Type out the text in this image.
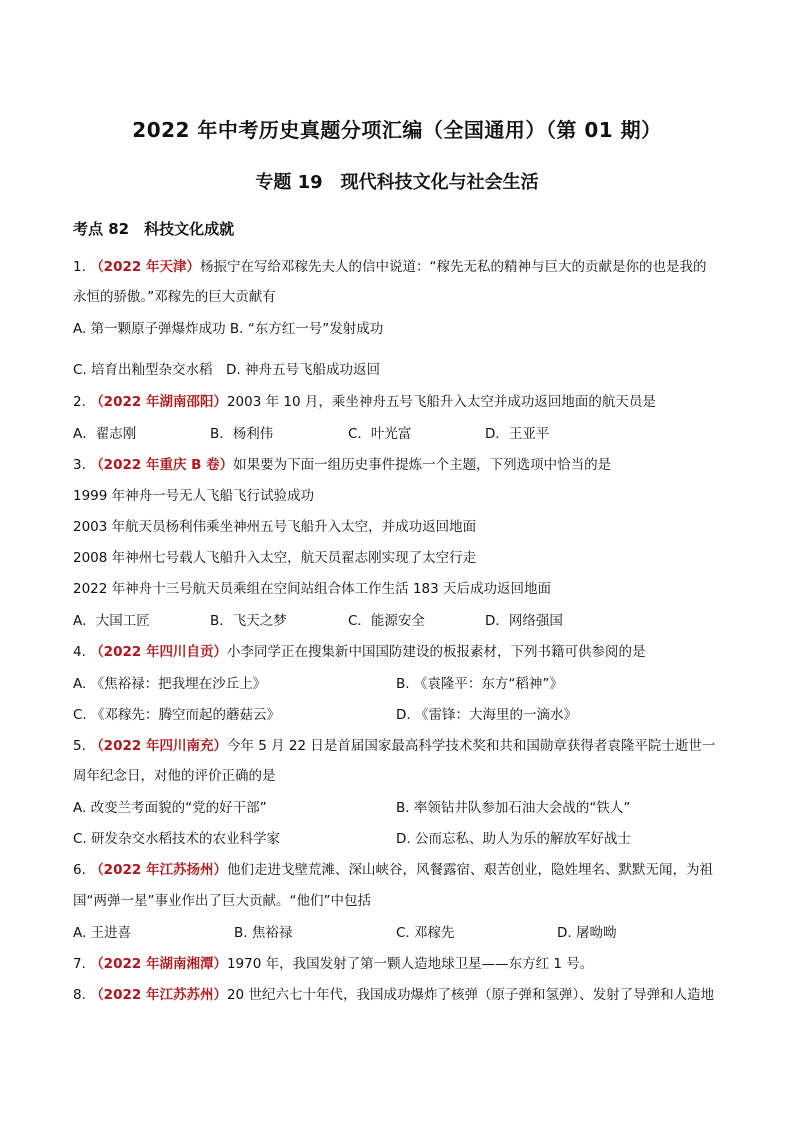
2022 年中考历史真题分项汇编（全国通用）（第 01 期）
专题 19　现代科技文化与社会生活
考点 82　科技文化成就
1. （2022 年天津）杨振宁在写给邓稼先夫人的信中说道：“稼先无私的精神与巨大的贡献是你的也是我的
永恒的骄傲。”邓稼先的巨大贡献有
A. 第一颗原子弹爆炸成功 B. “东方红一号”发射成功
C. 培育出籼型杂交水稻　D. 神舟五号飞船成功返回
2. （2022 年湖南邵阳）2003 年 10 月，乘坐神舟五号飞船升入太空并成功返回地面的航天员是
A．翟志刚	B．杨利伟	C．叶光富	D．王亚平
3. （2022 年重庆 B 卷）如果要为下面一组历史事件提炼一个主题，下列选项中恰当的是
1999 年神舟一号无人飞船飞行试验成功
2003 年航天员杨利伟乘坐神州五号飞船升入太空，并成功返回地面
2008 年神州七号载人飞船升入太空，航天员翟志刚实现了太空行走
2022 年神舟十三号航天员乘组在空间站组合体工作生活 183 天后成功返回地面
A．大国工匠	B．飞天之梦	C．能源安全	D．网络强国
4. （2022 年四川自贡）小李同学正在搜集新中国国防建设的板报素材，下列书籍可供参阅的是
A. 《焦裕禄：把我埋在沙丘上》	B. 《袁隆平：东方“稻神”》
C. 《邓稼先：腾空而起的蘑菇云》	D. 《雷锋：大海里的一滴水》
5. （2022 年四川南充）今年 5 月 22 日是首届国家最高科学技术奖和共和国勋章获得者袁隆平院士逝世一
周年纪念日，对他的评价正确的是
A. 改变兰考面貌的“党的好干部”	B. 率领钻井队参加石油大会战的“铁人”
C. 研发杂交水稻技术的农业科学家	D. 公而忘私、助人为乐的解放军好战士
6. （2022 年江苏扬州）他们走进戈壁荒滩、深山峡谷，风餐露宿、艰苦创业，隐姓埋名、默默无闻，为祖
国“两弹一星”事业作出了巨大贡献。“他们”中包括
A. 王进喜	B. 焦裕禄	C. 邓稼先	D. 屠呦呦
7. （2022 年湖南湘潭）1970 年，我国发射了第一颗人造地球卫星——东方红 1 号。
8. （2022 年江苏苏州）20 世纪六七十年代，我国成功爆炸了核弹（原子弹和氢弹）、发射了导弹和人造地
